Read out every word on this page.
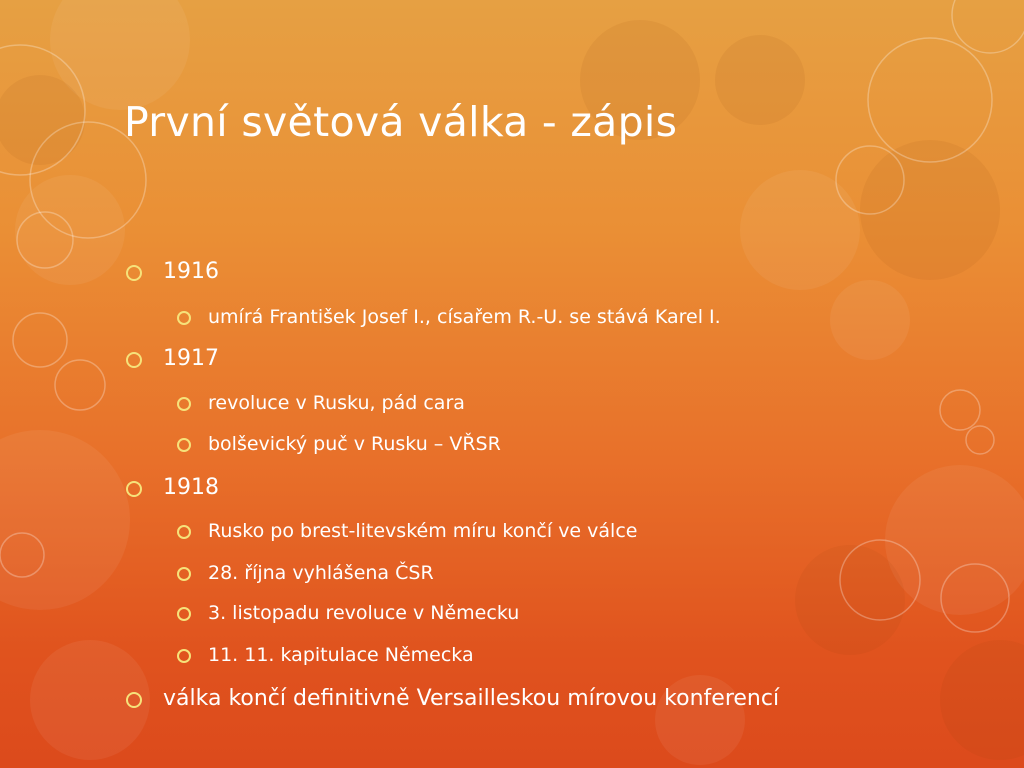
První světová válka - zápis
1916
umírá František Josef I., císařem R.-U. se stává Karel I.
1917
revoluce v Rusku, pád cara
bolševický puč v Rusku – VŘSR
1918
Rusko po brest-litevském míru končí ve válce
28. října vyhlášena ČSR
3. listopadu revoluce v Německu
11. 11. kapitulace Německa
válka končí definitivně Versailleskou mírovou konferencí
